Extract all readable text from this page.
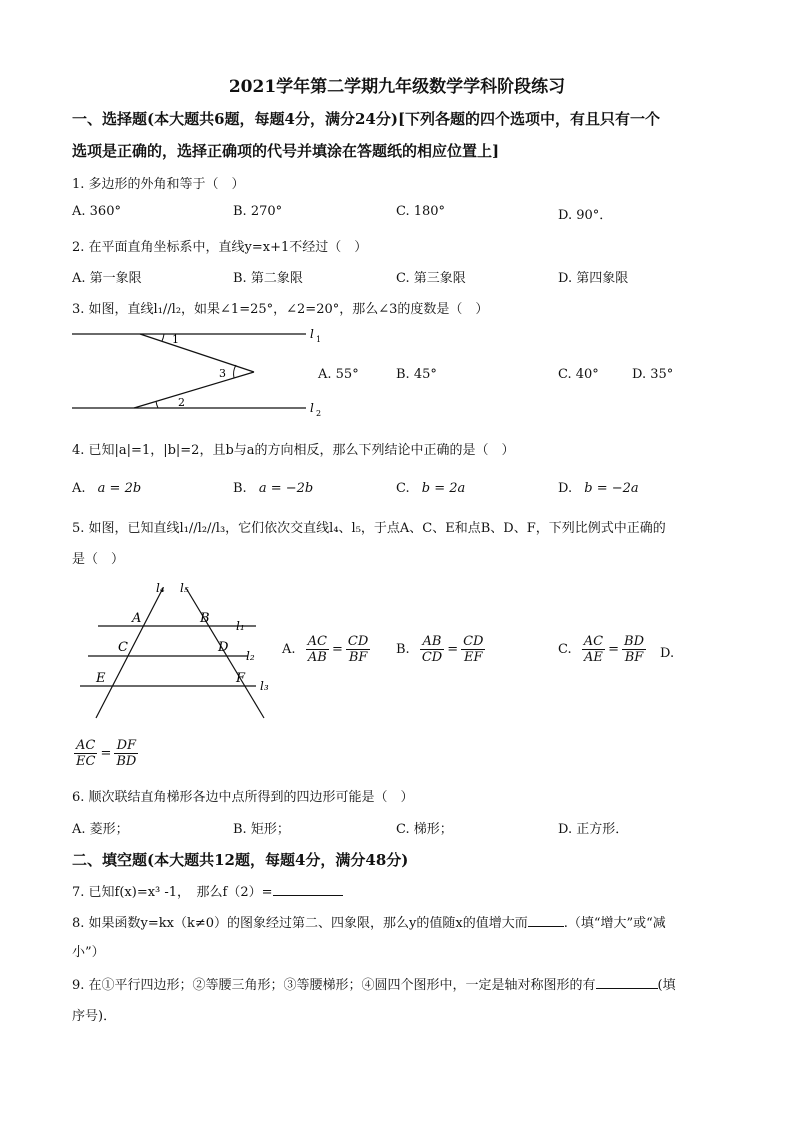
2021学年第二学期九年级数学学科阶段练习
一、选择题(本大题共6题，每题4分，满分24分)[下列各题的四个选项中，有且只有一个
选项是正确的，选择正确项的代号并填涂在答题纸的相应位置上]
1. 多边形的外角和等于（　）
A. 360°	B. 270°	C. 180°	D. 90°．
2. 在平面直角坐标系中，直线y=x+1不经过（　）
A. 第一象限	B. 第二象限	C. 第三象限	D. 第四象限
3. 如图，直线l₁//l₂，如果∠1=25°，∠2=20°，那么∠3的度数是（　）
1
3
2
l 1
l 2
A. 55°	B. 45°	C. 40°	D. 35°
4. 已知|a|=1，|b|=2，且b与a的方向相反，那么下列结论中正确的是（　）
A. a = 2b	B. a = −2b	C. b = 2a	D. b = −2a
5. 如图，已知直线l₁//l₂//l₃，它们依次交直线l₄、l₅，于点A、C、E和点B、D、F，下列比例式中正确的
是（　）
l₄ l₅
l₁
l₂
l₃
A	B
C	D
E	F
A. $\frac{AC}{AB} = \frac{CD}{BF} B$. $\frac{AB}{CD} = \frac{CD}{EF}$	C. $\frac{AC}{AE} = \frac{BD}{BF} D$.
$\frac{AC}{EC} = \frac{DF}{BD}$
6. 顺次联结直角梯形各边中点所得到的四边形可能是（　）
A. 菱形；	B. 矩形；	C. 梯形；	D. 正方形．
二、填空题(本大题共12题，每题4分，满分48分)
7. 已知f(x)=x³ -1，　那么f（2）=
8. 如果函数y=kx（k≠0）的图象经过第二、四象限，那么y的值随x的值增大而	.（填“增大”或“减
小”）
9. 在①平行四边形；②等腰三角形；③等腰梯形；④圆四个图形中，一定是轴对称图形的有	(填
序号)．
